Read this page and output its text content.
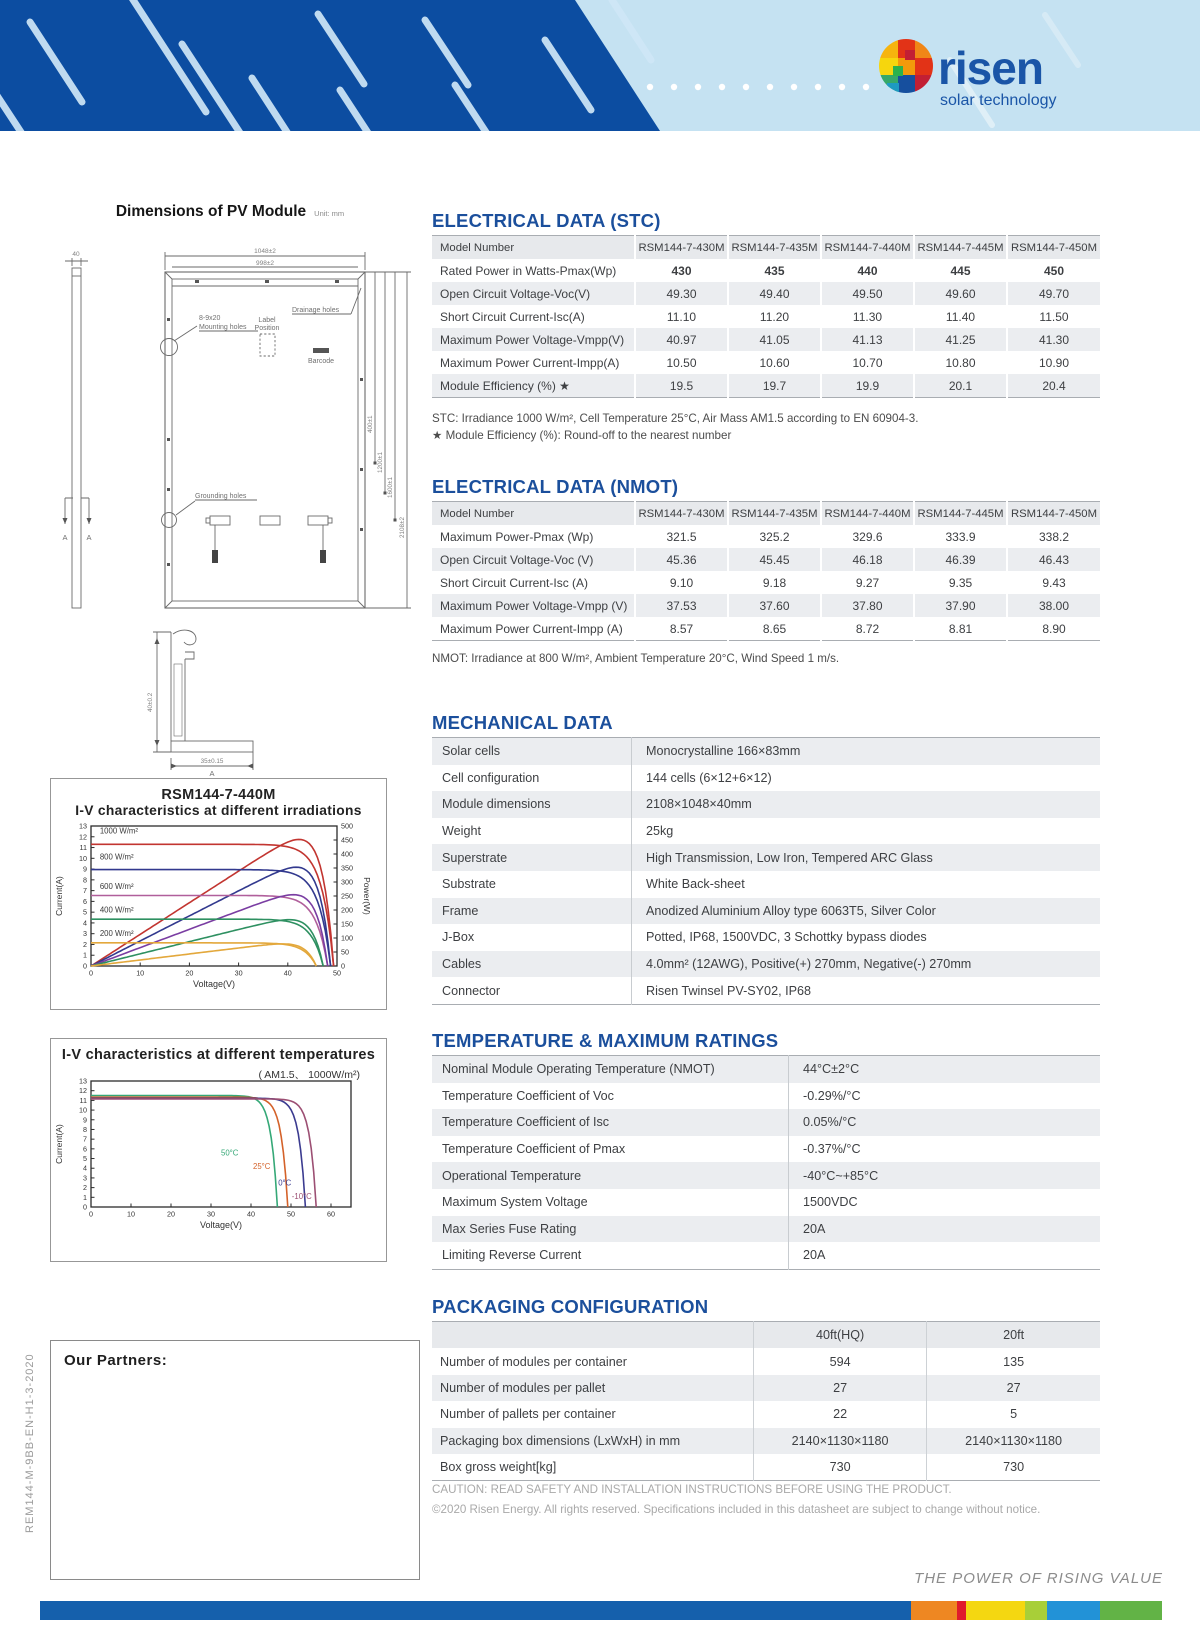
risen
solar technology
Dimensions of PV Module Unit: mm
40
A	A
1048±2
998±2
8-9x20
Mounting holes
Label
Position
Drainage holes
Barcode
Grounding holes
400±1
1200±1
1600±1
2108±2
40±0.2
35±0.15
A
RSM144-7-440M
I-V characteristics at different irradiations
0
1
2
3
4
5
6
7
8
9
10
11
12
13
0	10	20	30	40	50
0
50
100
150
200
250
300
350
400
450
500
1000 W/m²
800 W/m²
600 W/m²
400 W/m²
200 W/m²
Current(A)	Power(W)
Voltage(V)
I-V characteristics at different temperatures
( AM1.5、 1000W/m²)
0
1
2
3
4
5
6
7
8
9
10
11
12
13
0	10	20	30	40	50	60
50°C
25°C
0°C
-10°C
Current(A)
Voltage(V)
Our Partners:
REM144-M-9BB-EN-H1-3-2020
ELECTRICAL DATA (STC)
Model Number	RSM144-7-430M	RSM144-7-435M	RSM144-7-440M	RSM144-7-445M	RSM144-7-450M
Rated Power in Watts-Pmax(Wp)	430	435	440	445	450
Open Circuit Voltage-Voc(V)	49.30	49.40	49.50	49.60	49.70
Short Circuit Current-Isc(A)	11.10	11.20	11.30	11.40	11.50
Maximum Power Voltage-Vmpp(V)	40.97	41.05	41.13	41.25	41.30
Maximum Power Current-Impp(A)	10.50	10.60	10.70	10.80	10.90
Module Efficiency (%) ★	19.5	19.7	19.9	20.1	20.4
STC: Irradiance 1000 W/m², Cell Temperature 25°C, Air Mass AM1.5 according to EN 60904-3.
★ Module Efficiency (%): Round-off to the nearest number
ELECTRICAL DATA (NMOT)
Model Number	RSM144-7-430M	RSM144-7-435M	RSM144-7-440M	RSM144-7-445M	RSM144-7-450M
Maximum Power-Pmax (Wp)	321.5	325.2	329.6	333.9	338.2
Open Circuit Voltage-Voc (V)	45.36	45.45	46.18	46.39	46.43
Short Circuit Current-Isc (A)	9.10	9.18	9.27	9.35	9.43
Maximum Power Voltage-Vmpp (V)	37.53	37.60	37.80	37.90	38.00
Maximum Power Current-Impp (A)	8.57	8.65	8.72	8.81	8.90
NMOT: Irradiance at 800 W/m², Ambient Temperature 20°C, Wind Speed 1 m/s.
MECHANICAL DATA
Solar cells	Monocrystalline 166×83mm
Cell configuration	144 cells (6×12+6×12)
Module dimensions	2108×1048×40mm
Weight	25kg
Superstrate	High Transmission, Low Iron, Tempered ARC Glass
Substrate	White Back-sheet
Frame	Anodized Aluminium Alloy type 6063T5, Silver Color
J-Box	Potted, IP68, 1500VDC, 3 Schottky bypass diodes
Cables	4.0mm² (12AWG), Positive(+) 270mm, Negative(-) 270mm
Connector	Risen Twinsel PV-SY02, IP68
TEMPERATURE & MAXIMUM RATINGS
Nominal Module Operating Temperature (NMOT)	44°C±2°C
Temperature Coefficient of Voc	-0.29%/°C
Temperature Coefficient of Isc	0.05%/°C
Temperature Coefficient of Pmax	-0.37%/°C
Operational Temperature	-40°C~+85°C
Maximum System Voltage	1500VDC
Max Series Fuse Rating	20A
Limiting Reverse Current	20A
PACKAGING CONFIGURATION
	40ft(HQ)	20ft
Number of modules per container	594	135
Number of modules per pallet	27	27
Number of pallets per container	22	5
Packaging box dimensions (LxWxH) in mm	2140×1130×1180	2140×1130×1180
Box gross weight[kg]	730	730
CAUTION: READ SAFETY AND INSTALLATION INSTRUCTIONS BEFORE USING THE PRODUCT.
©2020 Risen Energy. All rights reserved. Specifications included in this datasheet are subject to change without notice.
THE POWER OF RISING VALUE
